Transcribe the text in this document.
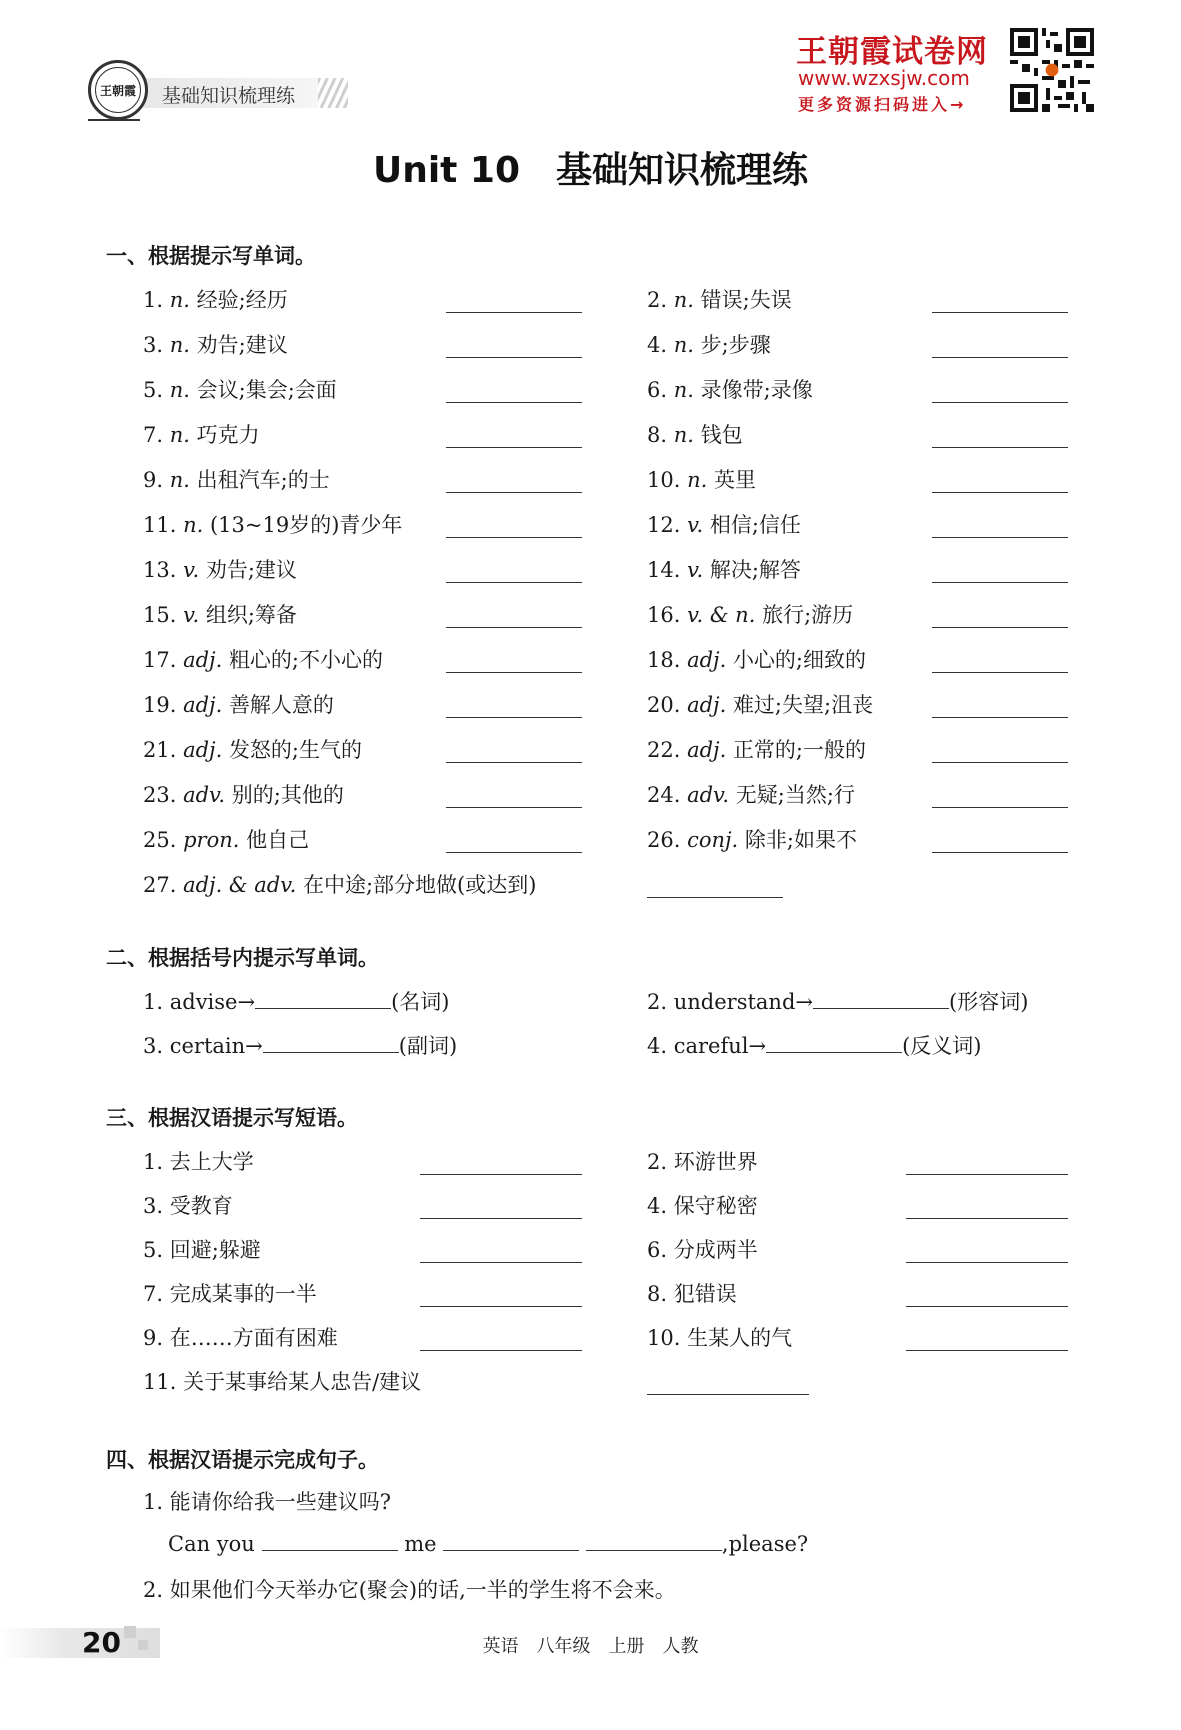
王朝霞 基础知识梳理练
王朝霞试卷网
www.wzxsjw.com
更多资源扫码进入→
Unit 10 基础知识梳理练
一、根据提示写单词。
1. n. 经验;经历	2. n. 错误;失误
3. n. 劝告;建议	4. n. 步;步骤
5. n. 会议;集会;会面	6. n. 录像带;录像
7. n. 巧克力	8. n. 钱包
9. n. 出租汽车;的士	10. n. 英里
11. n. (13~19岁的)青少年	12. v. 相信;信任
13. v. 劝告;建议	14. v. 解决;解答
15. v. 组织;筹备	16. v. & n. 旅行;游历
17. adj. 粗心的;不小心的	18. adj. 小心的;细致的
19. adj. 善解人意的	20. adj. 难过;失望;沮丧
21. adj. 发怒的;生气的	22. adj. 正常的;一般的
23. adv. 别的;其他的	24. adv. 无疑;当然;行
25. pron. 他自己	26. conj. 除非;如果不
27. adj. & adv. 在中途;部分地做(或达到)
二、根据括号内提示写单词。
1. advise→	(名词)	2. understand→	(形容词)
3. certain→	(副词)	4. careful→	(反义词)
三、根据汉语提示写短语。
1. 去上大学	2. 环游世界
3. 受教育	4. 保守秘密
5. 回避;躲避	6. 分成两半
7. 完成某事的一半	8. 犯错误
9. 在……方面有困难	10. 生某人的气
11. 关于某事给某人忠告/建议
四、根据汉语提示完成句子。
1. 能请你给我一些建议吗?
Can you	me	,please?
2. 如果他们今天举办它(聚会)的话,一半的学生将不会来。
20	英语　八年级　上册　人教
